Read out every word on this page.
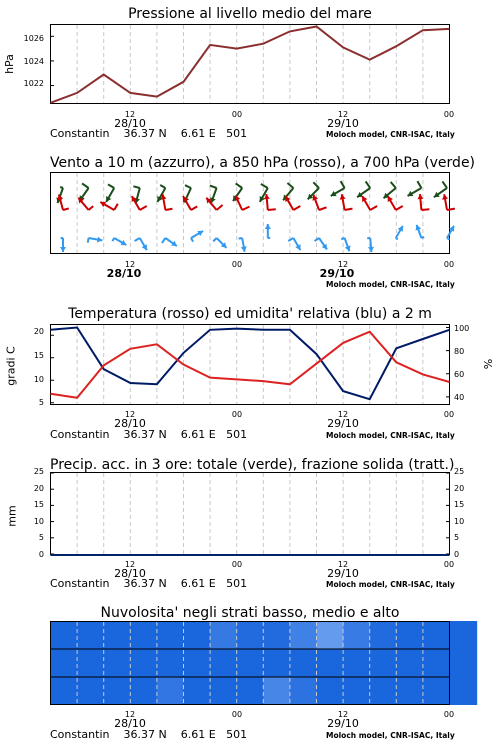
Pressione al livello medio del mare
hPa
1026
1024
1022
12	00	12	00
28/10	29/10
Constantin 36.37 N 6.61 E 501	Moloch model, CNR-ISAC, Italy
Vento a 10 m (azzurro), a 850 hPa (rosso), a 700 hPa (verde)
12	00	12	00
28/10	29/10
Moloch model, CNR-ISAC, Italy
Temperatura (rosso) ed umidita' relativa (blu) a 2 m
gradi C	%
20
15
10
5
100
80
60
40
12	00	12	00
28/10	29/10
Constantin 36.37 N 6.61 E 501	Moloch model, CNR-ISAC, Italy
Precip. acc. in 3 ore: totale (verde), frazione solida (tratt.)
mm
25
20
15
10
5
0
25
20
15
10
5
0
12	00	12	00
28/10	29/10
Constantin 36.37 N 6.61 E 501	Moloch model, CNR-ISAC, Italy
Nuvolosita' negli strati basso, medio e alto
12	00	12	00
28/10	29/10
Constantin 36.37 N 6.61 E 501	Moloch model, CNR-ISAC, Italy
